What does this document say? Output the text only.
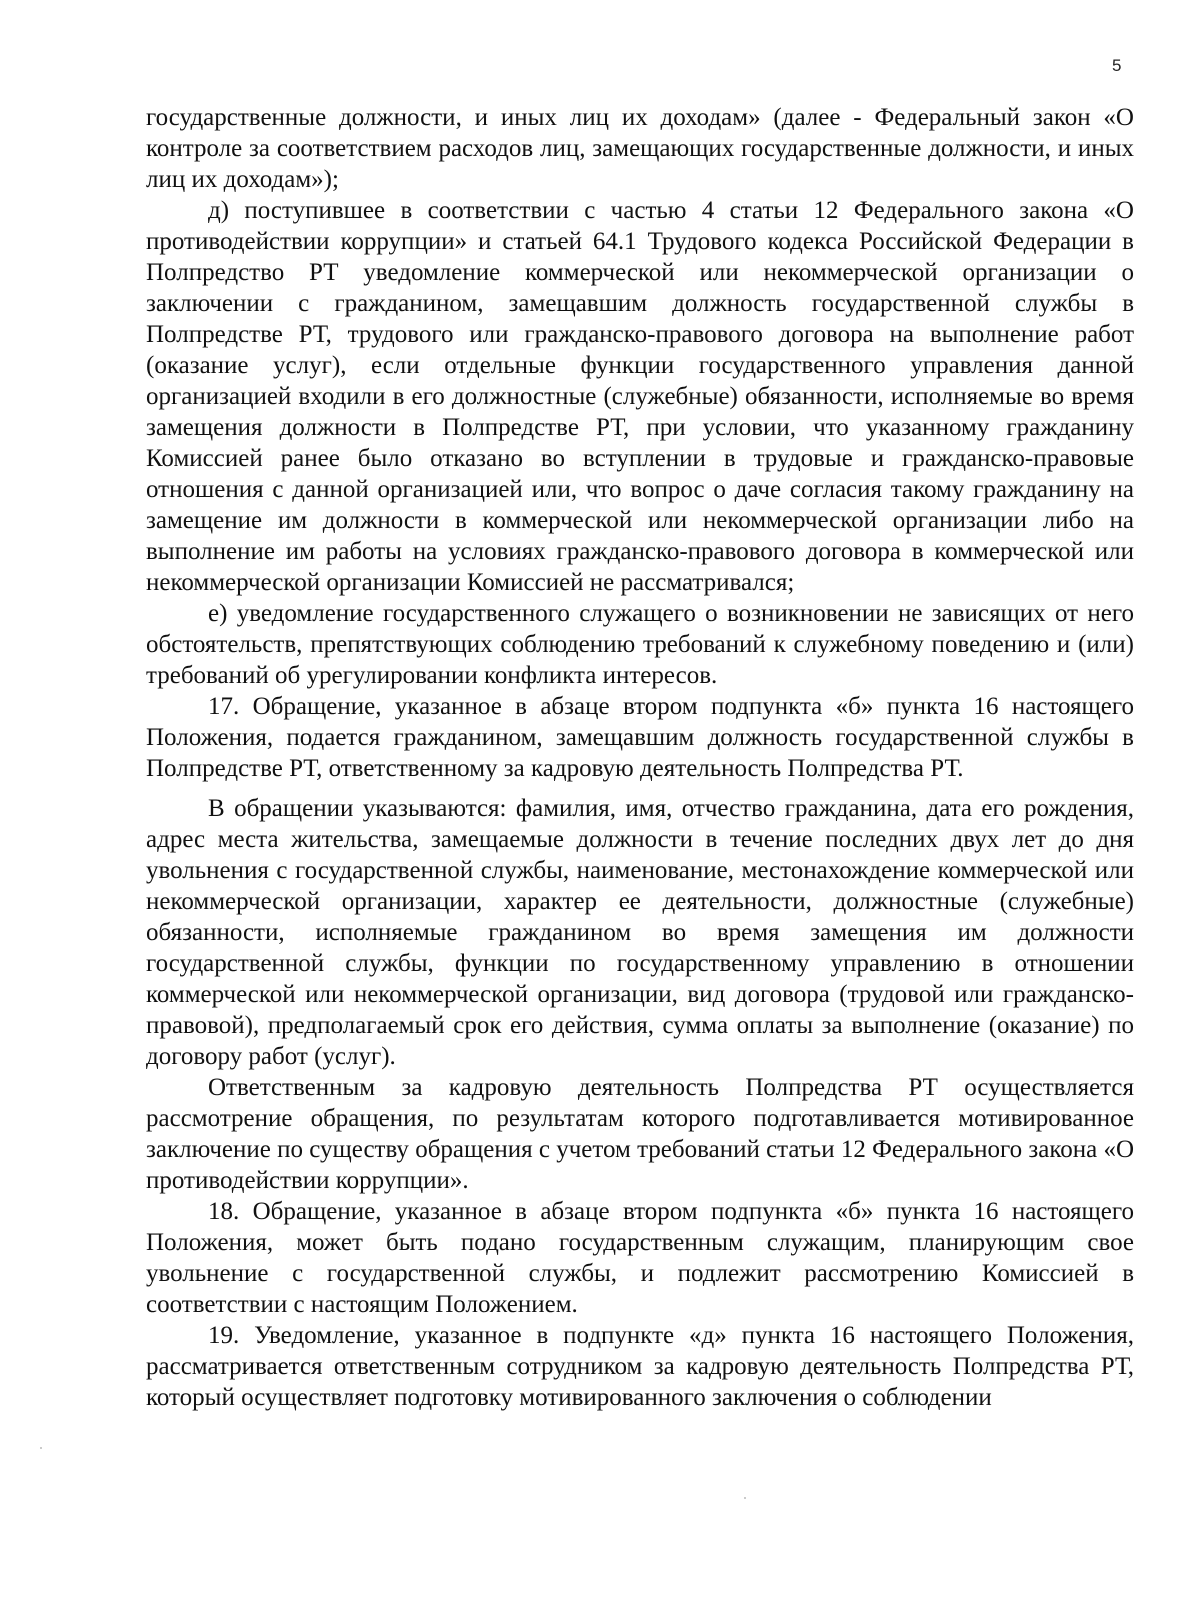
5

государственные должности, и иных лиц их доходам» (далее - Федеральный закон «О контроле за соответствием расходов лиц, замещающих государственные должности, и иных лиц их доходам»);

д) поступившее в соответствии с частью 4 статьи 12 Федерального закона «О противодействии коррупции» и статьей 64.1 Трудового кодекса Российской Федерации в Полпредство РТ уведомление коммерческой или некоммерческой организации о заключении с гражданином, замещавшим должность государственной службы в Полпредстве РТ, трудового или гражданско-правового договора на выполнение работ (оказание услуг), если отдельные функции государственного управления данной организацией входили в его должностные (служебные) обязанности, исполняемые во время замещения должности в Полпредстве РТ, при условии, что указанному гражданину Комиссией ранее было отказано во вступлении в трудовые и гражданско-правовые отношения с данной организацией или, что вопрос о даче согласия такому гражданину на замещение им должности в коммерческой или некоммерческой организации либо на выполнение им работы на условиях гражданско-правового договора в коммерческой или некоммерческой организации Комиссией не рассматривался;

е) уведомление государственного служащего о возникновении не зависящих от него обстоятельств, препятствующих соблюдению требований к служебному поведению и (или) требований об урегулировании конфликта интересов.

17. Обращение, указанное в абзаце втором подпункта «б» пункта 16 настоящего Положения, подается гражданином, замещавшим должность государственной службы в Полпредстве РТ, ответственному за кадровую деятельность Полпредства РТ.

В обращении указываются: фамилия, имя, отчество гражданина, дата его рождения, адрес места жительства, замещаемые должности в течение последних двух лет до дня увольнения с государственной службы, наименование, местонахождение коммерческой или некоммерческой организации, характер ее деятельности, должностные (служебные) обязанности, исполняемые гражданином во время замещения им должности государственной службы, функции по государственному управлению в отношении коммерческой или некоммерческой организации, вид договора (трудовой или гражданско-правовой), предполагаемый срок его действия, сумма оплаты за выполнение (оказание) по договору работ (услуг).

Ответственным за кадровую деятельность Полпредства РТ осуществляется рассмотрение обращения, по результатам которого подготавливается мотивированное заключение по существу обращения с учетом требований статьи 12 Федерального закона «О противодействии коррупции».

18. Обращение, указанное в абзаце втором подпункта «б» пункта 16 настоящего Положения, может быть подано государственным служащим, планирующим свое увольнение с государственной службы, и подлежит рассмотрению Комиссией в соответствии с настоящим Положением.

19. Уведомление, указанное в подпункте «д» пункта 16 настоящего Положения, рассматривается ответственным сотрудником за кадровую деятельность Полпредства РТ, который осуществляет подготовку мотивированного заключения о соблюдении
